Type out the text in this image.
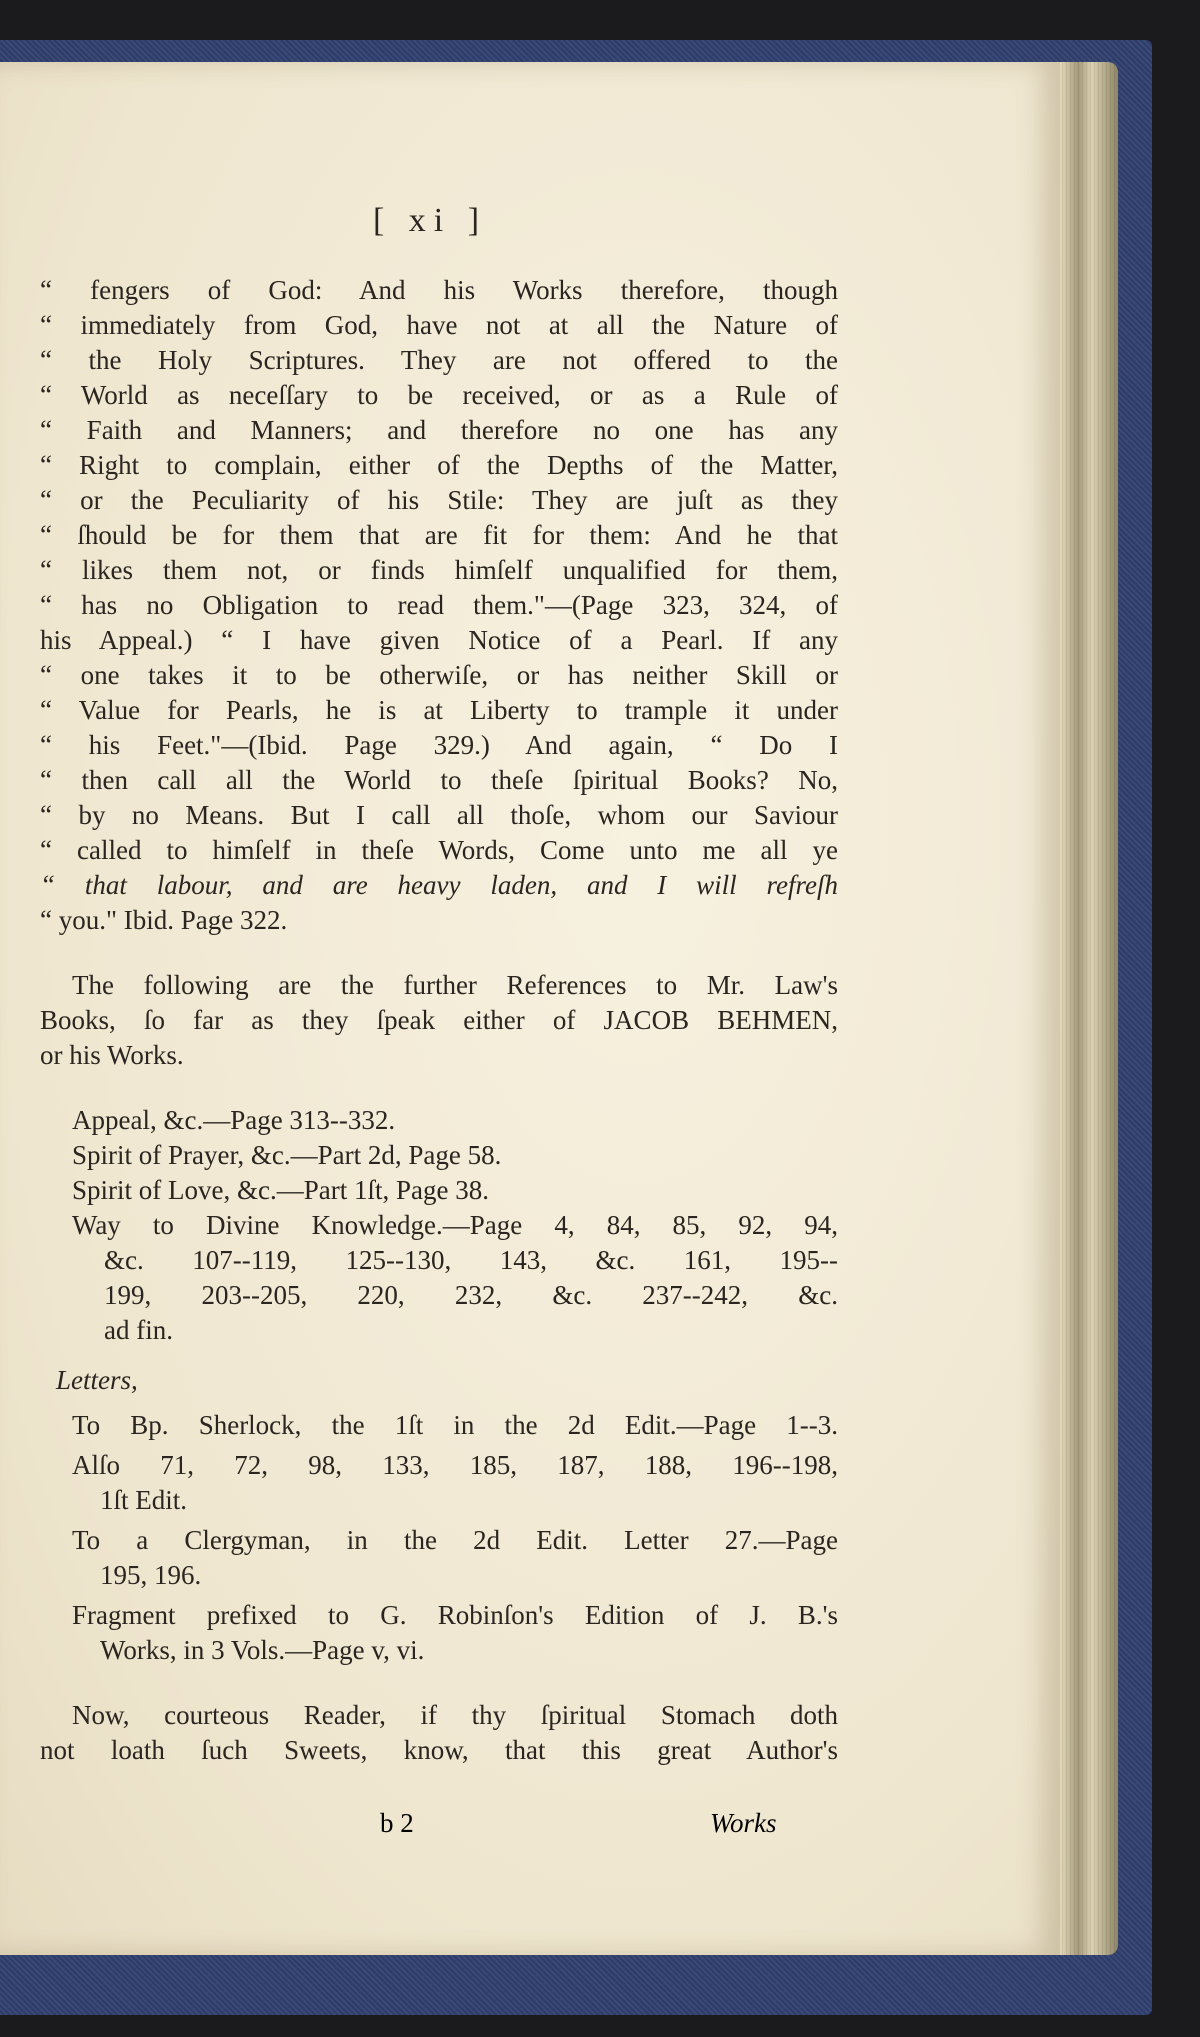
[ xi ]
“ fengers of God: And his Works therefore, though
“ immediately from God, have not at all the Nature of
“ the Holy Scriptures. They are not offered to the
“ World as neceſſary to be received, or as a Rule of
“ Faith and Manners; and therefore no one has any
“ Right to complain, either of the Depths of the Matter,
“ or the Peculiarity of his Stile: They are juſt as they
“ ſhould be for them that are fit for them: And he that
“ likes them not, or finds himſelf unqualified for them,
“ has no Obligation to read them."—(Page 323, 324, of
his Appeal.) “ I have given Notice of a Pearl. If any
“ one takes it to be otherwiſe, or has neither Skill or
“ Value for Pearls, he is at Liberty to trample it under
“ his Feet."—(Ibid. Page 329.) And again, “ Do I
“ then call all the World to theſe ſpiritual Books? No,
“ by no Means. But I call all thoſe, whom our Saviour
“ called to himſelf in theſe Words, Come unto me all ye
“ that labour, and are heavy laden, and I will refreſh
“ you." Ibid. Page 322.
The following are the further References to Mr. Law's
Books, ſo far as they ſpeak either of JACOB BEHMEN,
or his Works.
Appeal, &c.—Page 313--332.
Spirit of Prayer, &c.—Part 2d, Page 58.
Spirit of Love, &c.—Part 1ſt, Page 38.
Way to Divine Knowledge.—Page 4, 84, 85, 92, 94,
&c. 107--119, 125--130, 143, &c. 161, 195--
199, 203--205, 220, 232, &c. 237--242, &c.
ad fin.
Letters,
To Bp. Sherlock, the 1ſt in the 2d Edit.—Page 1--3.
Alſo 71, 72, 98, 133, 185, 187, 188, 196--198,
1ſt Edit.
To a Clergyman, in the 2d Edit. Letter 27.—Page
195, 196.
Fragment prefixed to G. Robinſon's Edition of J. B.'s
Works, in 3 Vols.—Page v, vi.
Now, courteous Reader, if thy ſpiritual Stomach doth
not loath ſuch Sweets, know, that this great Author's
b 2	Works
